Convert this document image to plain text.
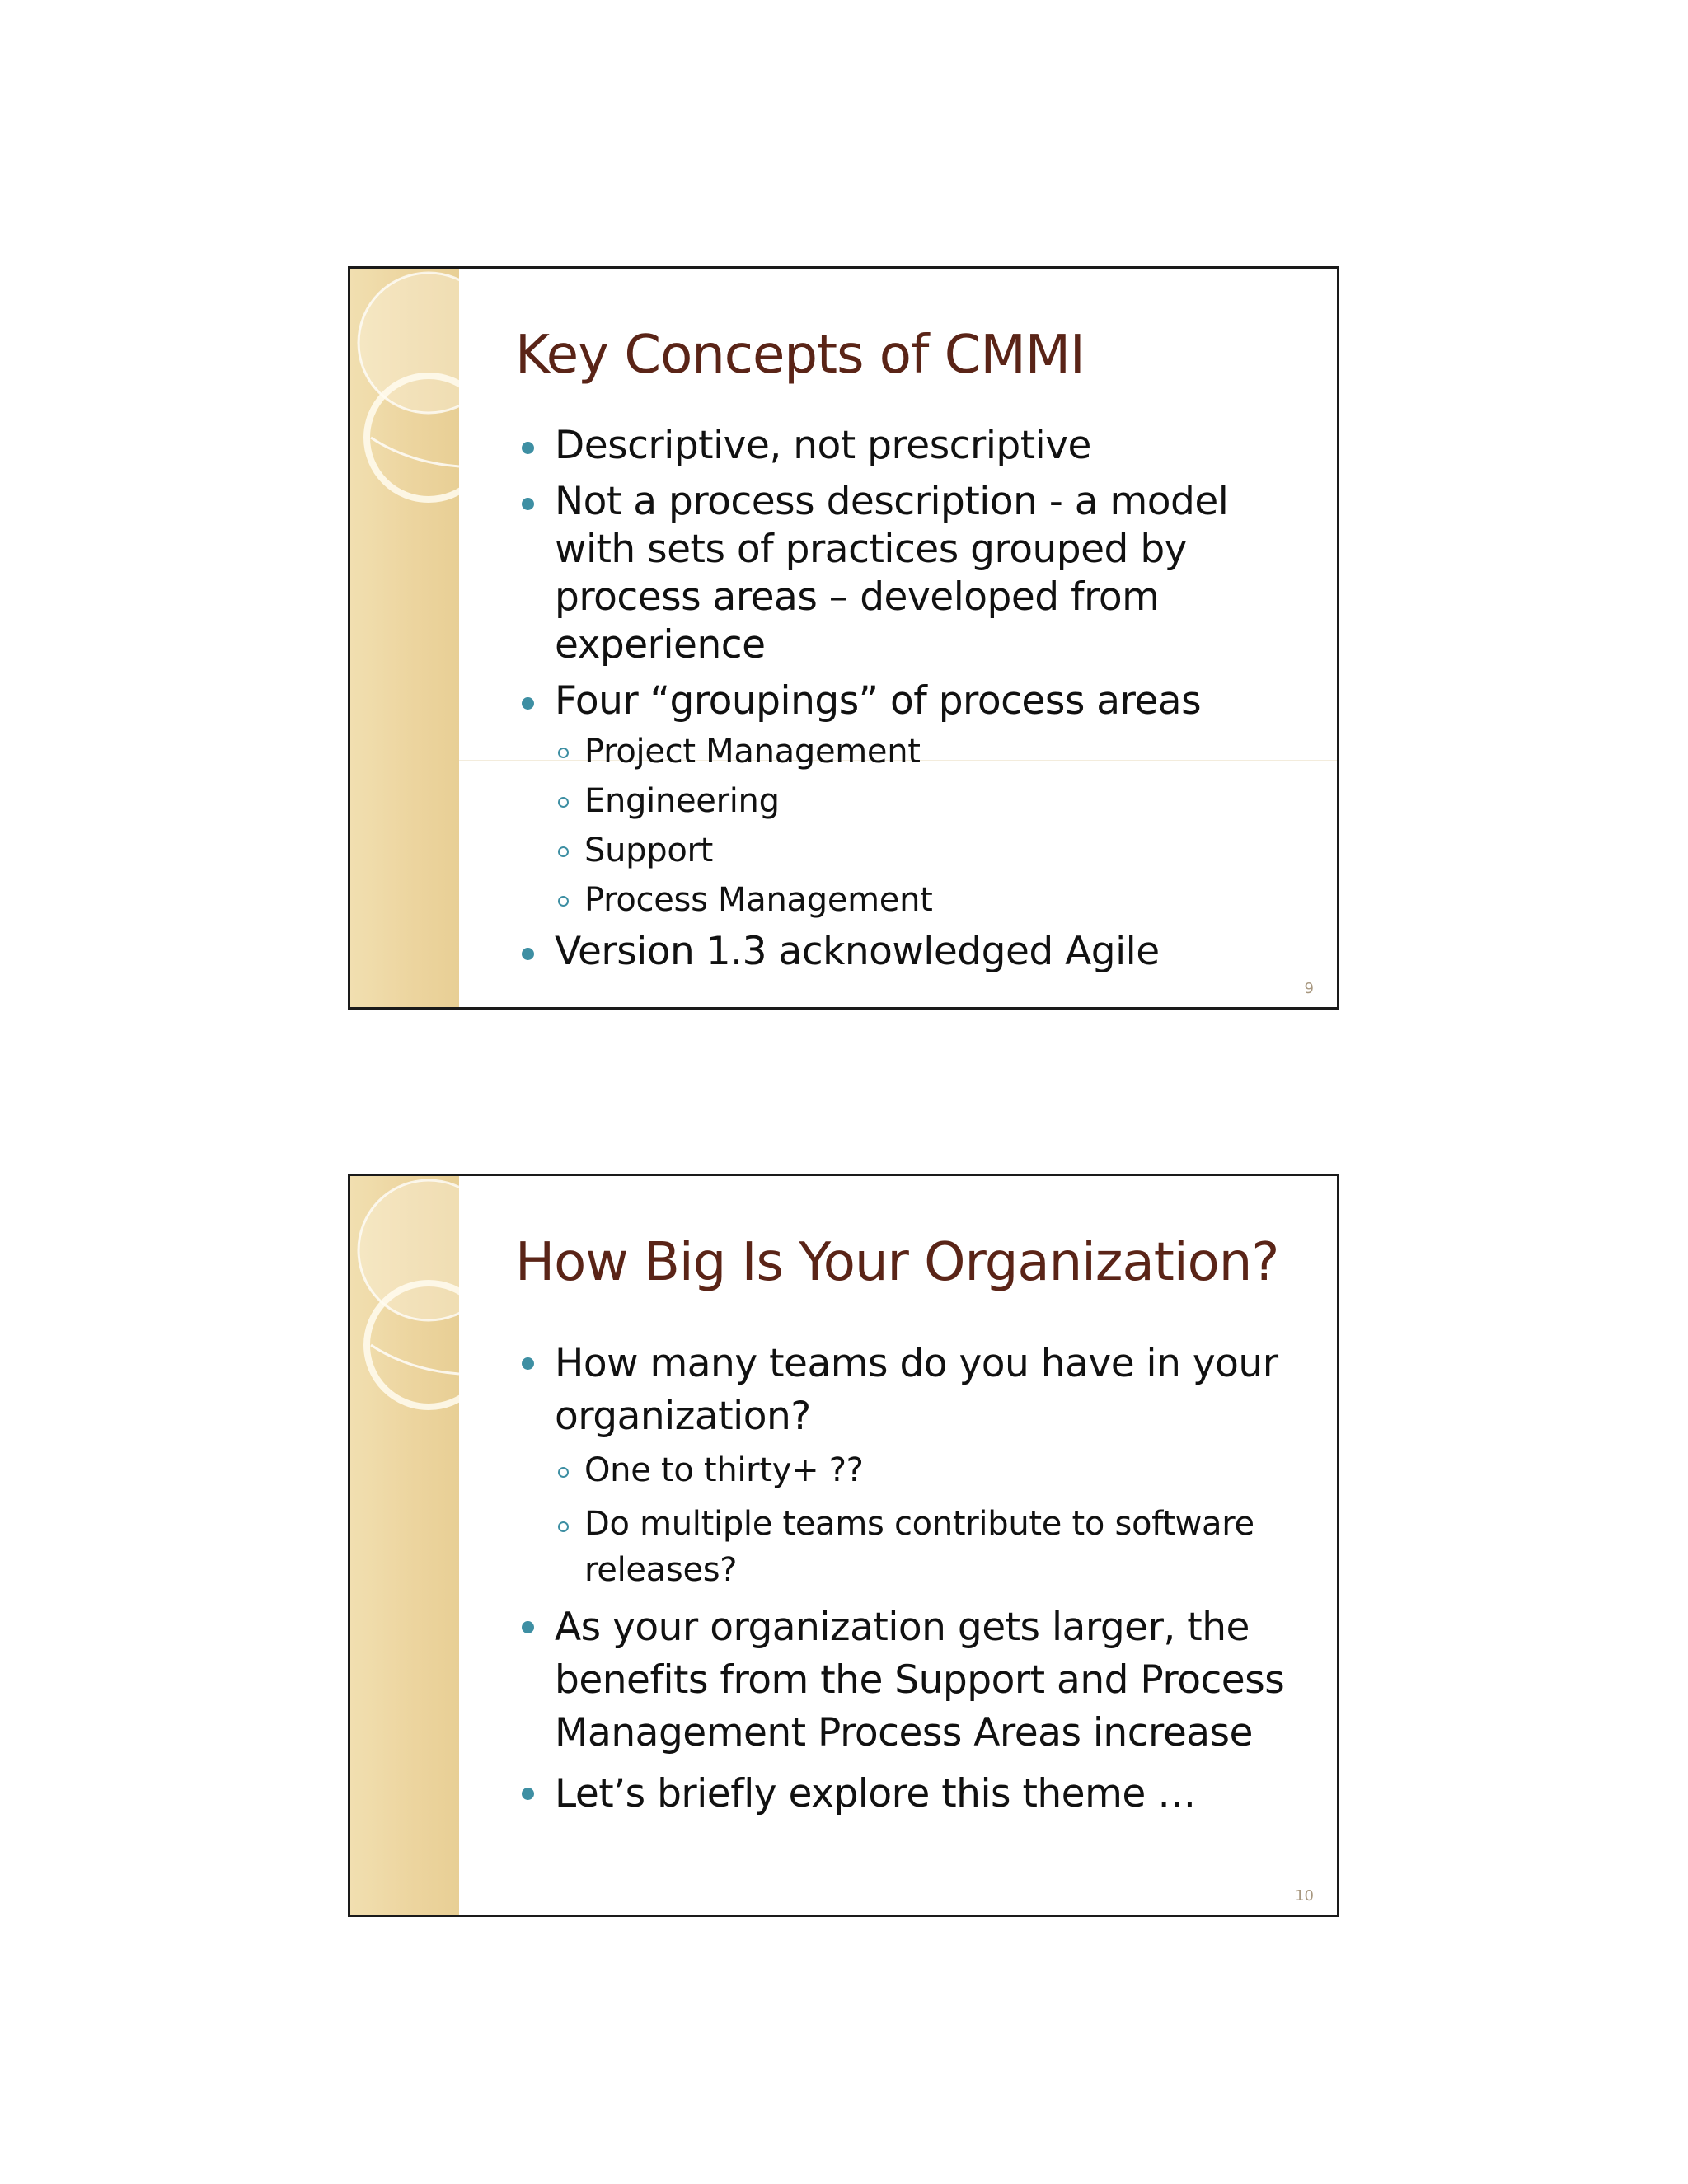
Key Concepts of CMMI
Descriptive, not prescriptive
Not a process description - a model with sets of practices grouped by process areas – developed from experience
Four “groupings” of process areas
Project Management
Engineering
Support
Process Management
Version 1.3 acknowledged Agile
9
How Big Is Your Organization?
How many teams do you have in your organization?
One to thirty+ ??
Do multiple teams contribute to software releases?
As your organization gets larger, the benefits from the Support and Process Management Process Areas increase
Let’s briefly explore this theme …
10
